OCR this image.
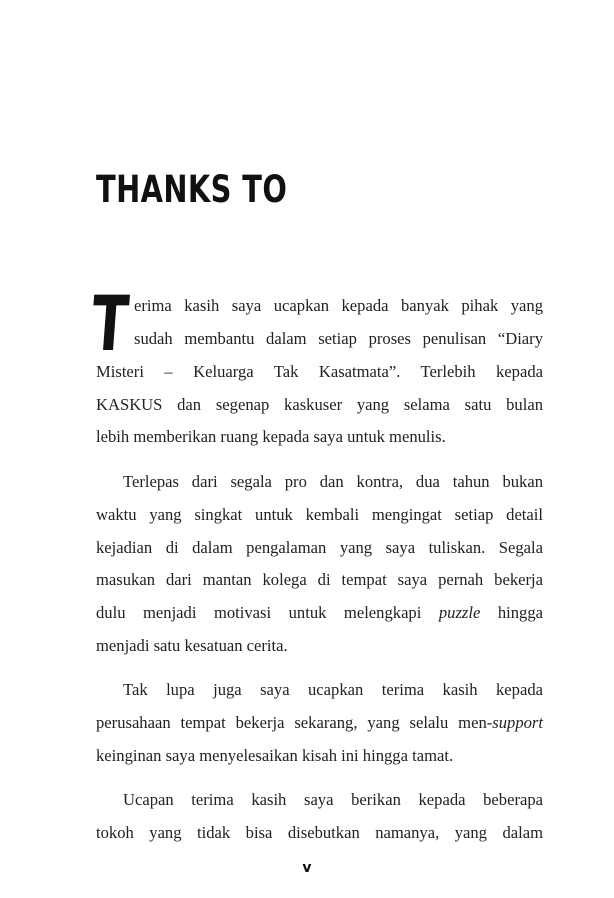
THANKS TO
T erima kasih saya ucapkan kepada banyak pihak yang
sudah membantu dalam setiap proses penulisan “Diary
Misteri – Keluarga Tak Kasatmata”. Terlebih kepada
KASKUS dan segenap kaskuser yang selama satu bulan
lebih memberikan ruang kepada saya untuk menulis.
Terlepas dari segala pro dan kontra, dua tahun bukan
waktu yang singkat untuk kembali mengingat setiap detail
kejadian di dalam pengalaman yang saya tuliskan. Segala
masukan dari mantan kolega di tempat saya pernah bekerja
dulu menjadi motivasi untuk melengkapi puzzle hingga
menjadi satu kesatuan cerita.
Tak lupa juga saya ucapkan terima kasih kepada
perusahaan tempat bekerja sekarang, yang selalu men-support
keinginan saya menyelesaikan kisah ini hingga tamat.
Ucapan terima kasih saya berikan kepada beberapa
tokoh yang tidak bisa disebutkan namanya, yang dalam
v
